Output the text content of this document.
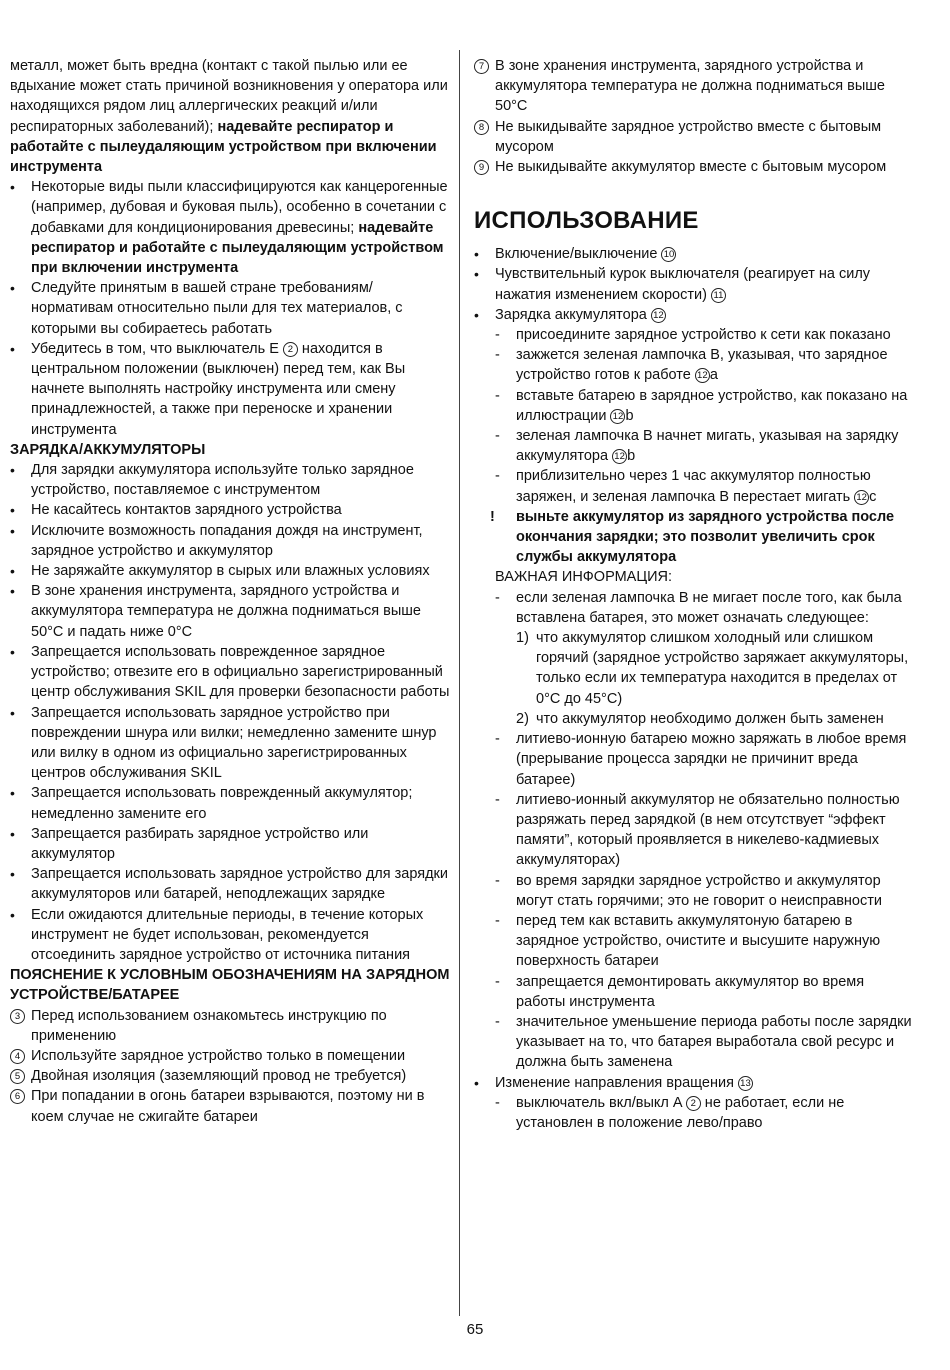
металл, может быть вредна (контакт с такой пылью или ее вдыхание может стать причиной возникновения у оператора или находящихся рядом лиц аллергических реакций и/или респираторных заболеваний); надевайте респиратор и работайте с пылеудаляющим устройством при включении инструмента

•	Некоторые виды пыли классифицируются как канцерогенные (например, дубовая и буковая пыль), особенно в сочетании с добавками для кондиционирования древесины; надевайте респиратор и работайте с пылеудаляющим устройством при включении инструмента
•	Следуйте принятым в вашей стране требованиям/ нормативам относительно пыли для тех материалов, с которыми вы собираетесь работать
•	Убедитесь в том, что выключатель E 2 находится в центральном положении (выключен) перед тем, как Вы начнете выполнять настройку инструмента или смену принадлежностей, а также при переноске и хранении инструмента
ЗАРЯДКА/АККУМУЛЯТОРЫ
•	Для зарядки аккумулятора используйте только зарядное устройство, поставляемое с инструментом
•	Не касайтесь контактов зарядного устройства
•	Исключите возможность попадания дождя на инструмент, зарядное устройство и аккумулятор
•	Не заряжайте аккумулятор в сырых или влажных условиях
•	В зоне хранения инструмента, зарядного устройства и аккумулятора температура не должна подниматься выше 50°C и падать ниже 0°C
•	Запрещается использовать поврежденное зарядное устройство; отвезите его в официально зарегистрированный центр обслуживания SKIL для проверки безопасности работы
•	Запрещается использовать зарядное устройство при повреждении шнура или вилки; немедленно замените шнур или вилку в одном из официально зарегистрированных центров обслуживания SKIL
•	Запрещается использовать поврежденный аккумулятор; немедленно замените его
•	Запрещается разбирать зарядное устройство или аккумулятор
•	Запрещается использовать зарядное устройство для зарядки аккумуляторов или батарей, неподлежащих зарядке
•	Если ожидаются длительные периоды, в течение которых инструмент не будет использован, рекомендуется отсоединить зарядное устройство от источника питания
ПОЯСНЕНИЕ К УСЛОВНЫМ ОБОЗНАЧЕНИЯМ НА ЗАРЯДНОМ УСТРОЙСТВЕ/БАТАРЕЕ
3 Перед использованием ознакомьтесь инструкцию по применению
4 Используйте зарядное устройство только в помещении
5 Двойная изоляция (заземляющий провод не требуется)
6 При попадании в огонь батареи взрываются, поэтому ни в коем случае не сжигайте батареи
7 В зоне хранения инструмента, зарядного устройства и аккумулятора температура не должна подниматься выше 50°C
8 Не выкидывайте зарядное устройство вместе с бытовым мусором
9 Не выкидывайте аккумулятор вместе с бытовым мусором
ИСПОЛЬЗОВАНИЕ
•	Включение/выключение 10
•	Чувствительный курок выключателя (реагирует на силу нажатия изменением скорости) 11
•	Зарядка аккумулятора 12
- присоедините зарядное устройство к сети как показано
- зажжется зеленая лампочка B, указывая, что зарядное устройство готов к работе 12 a
- вставьте батарею в зарядное устройство, как показано на иллюстрации 12 b
- зеленая лампочка B начнет мигать, указывая на зарядку аккумулятора 12 b
- приблизительно через 1 час аккумулятор полностью заряжен, и зеленая лампочка B перестает мигать 12 c
! выньте аккумулятор из зарядного устройства после окончания зарядки; это позволит увеличить срок службы аккумулятора
ВАЖНАЯ ИНФОРМАЦИЯ:
- если зеленая лампочка B не мигает после того, как была вставлена батарея, это может означать следующее:
1) что аккумулятор слишком холодный или слишком горячий (зарядное устройство заряжает аккумуляторы, только если их температура находится в пределах от 0°C до 45°C)
2) что аккумулятор необходимо должен быть заменен
- литиево-ионную батарею можно заряжать в любое время (прерывание процесса зарядки не причинит вреда батарее)
- литиево-ионный аккумулятор не обязательно полностью разряжать перед зарядкой (в нем отсутствует “эффект памяти”, который проявляется в никелево-кадмиевых аккумуляторах)
- во время зарядки зарядное устройство и аккумулятор могут стать горячими; это не говорит о неисправности
- перед тем как вставить аккумулятоную батарею в зарядное устройство, очистите и высушите наружную поверхность батареи
- запрещается демонтировать аккумулятор во время работы инструмента
- значительное уменьшение периода работы после зарядки указывает на то, что батарея выработала свой ресурс и должна быть заменена
•	Изменение направления вращения 13
- выключатель вкл/выкл A 2 не работает, если не установлен в положение лево/право
65
